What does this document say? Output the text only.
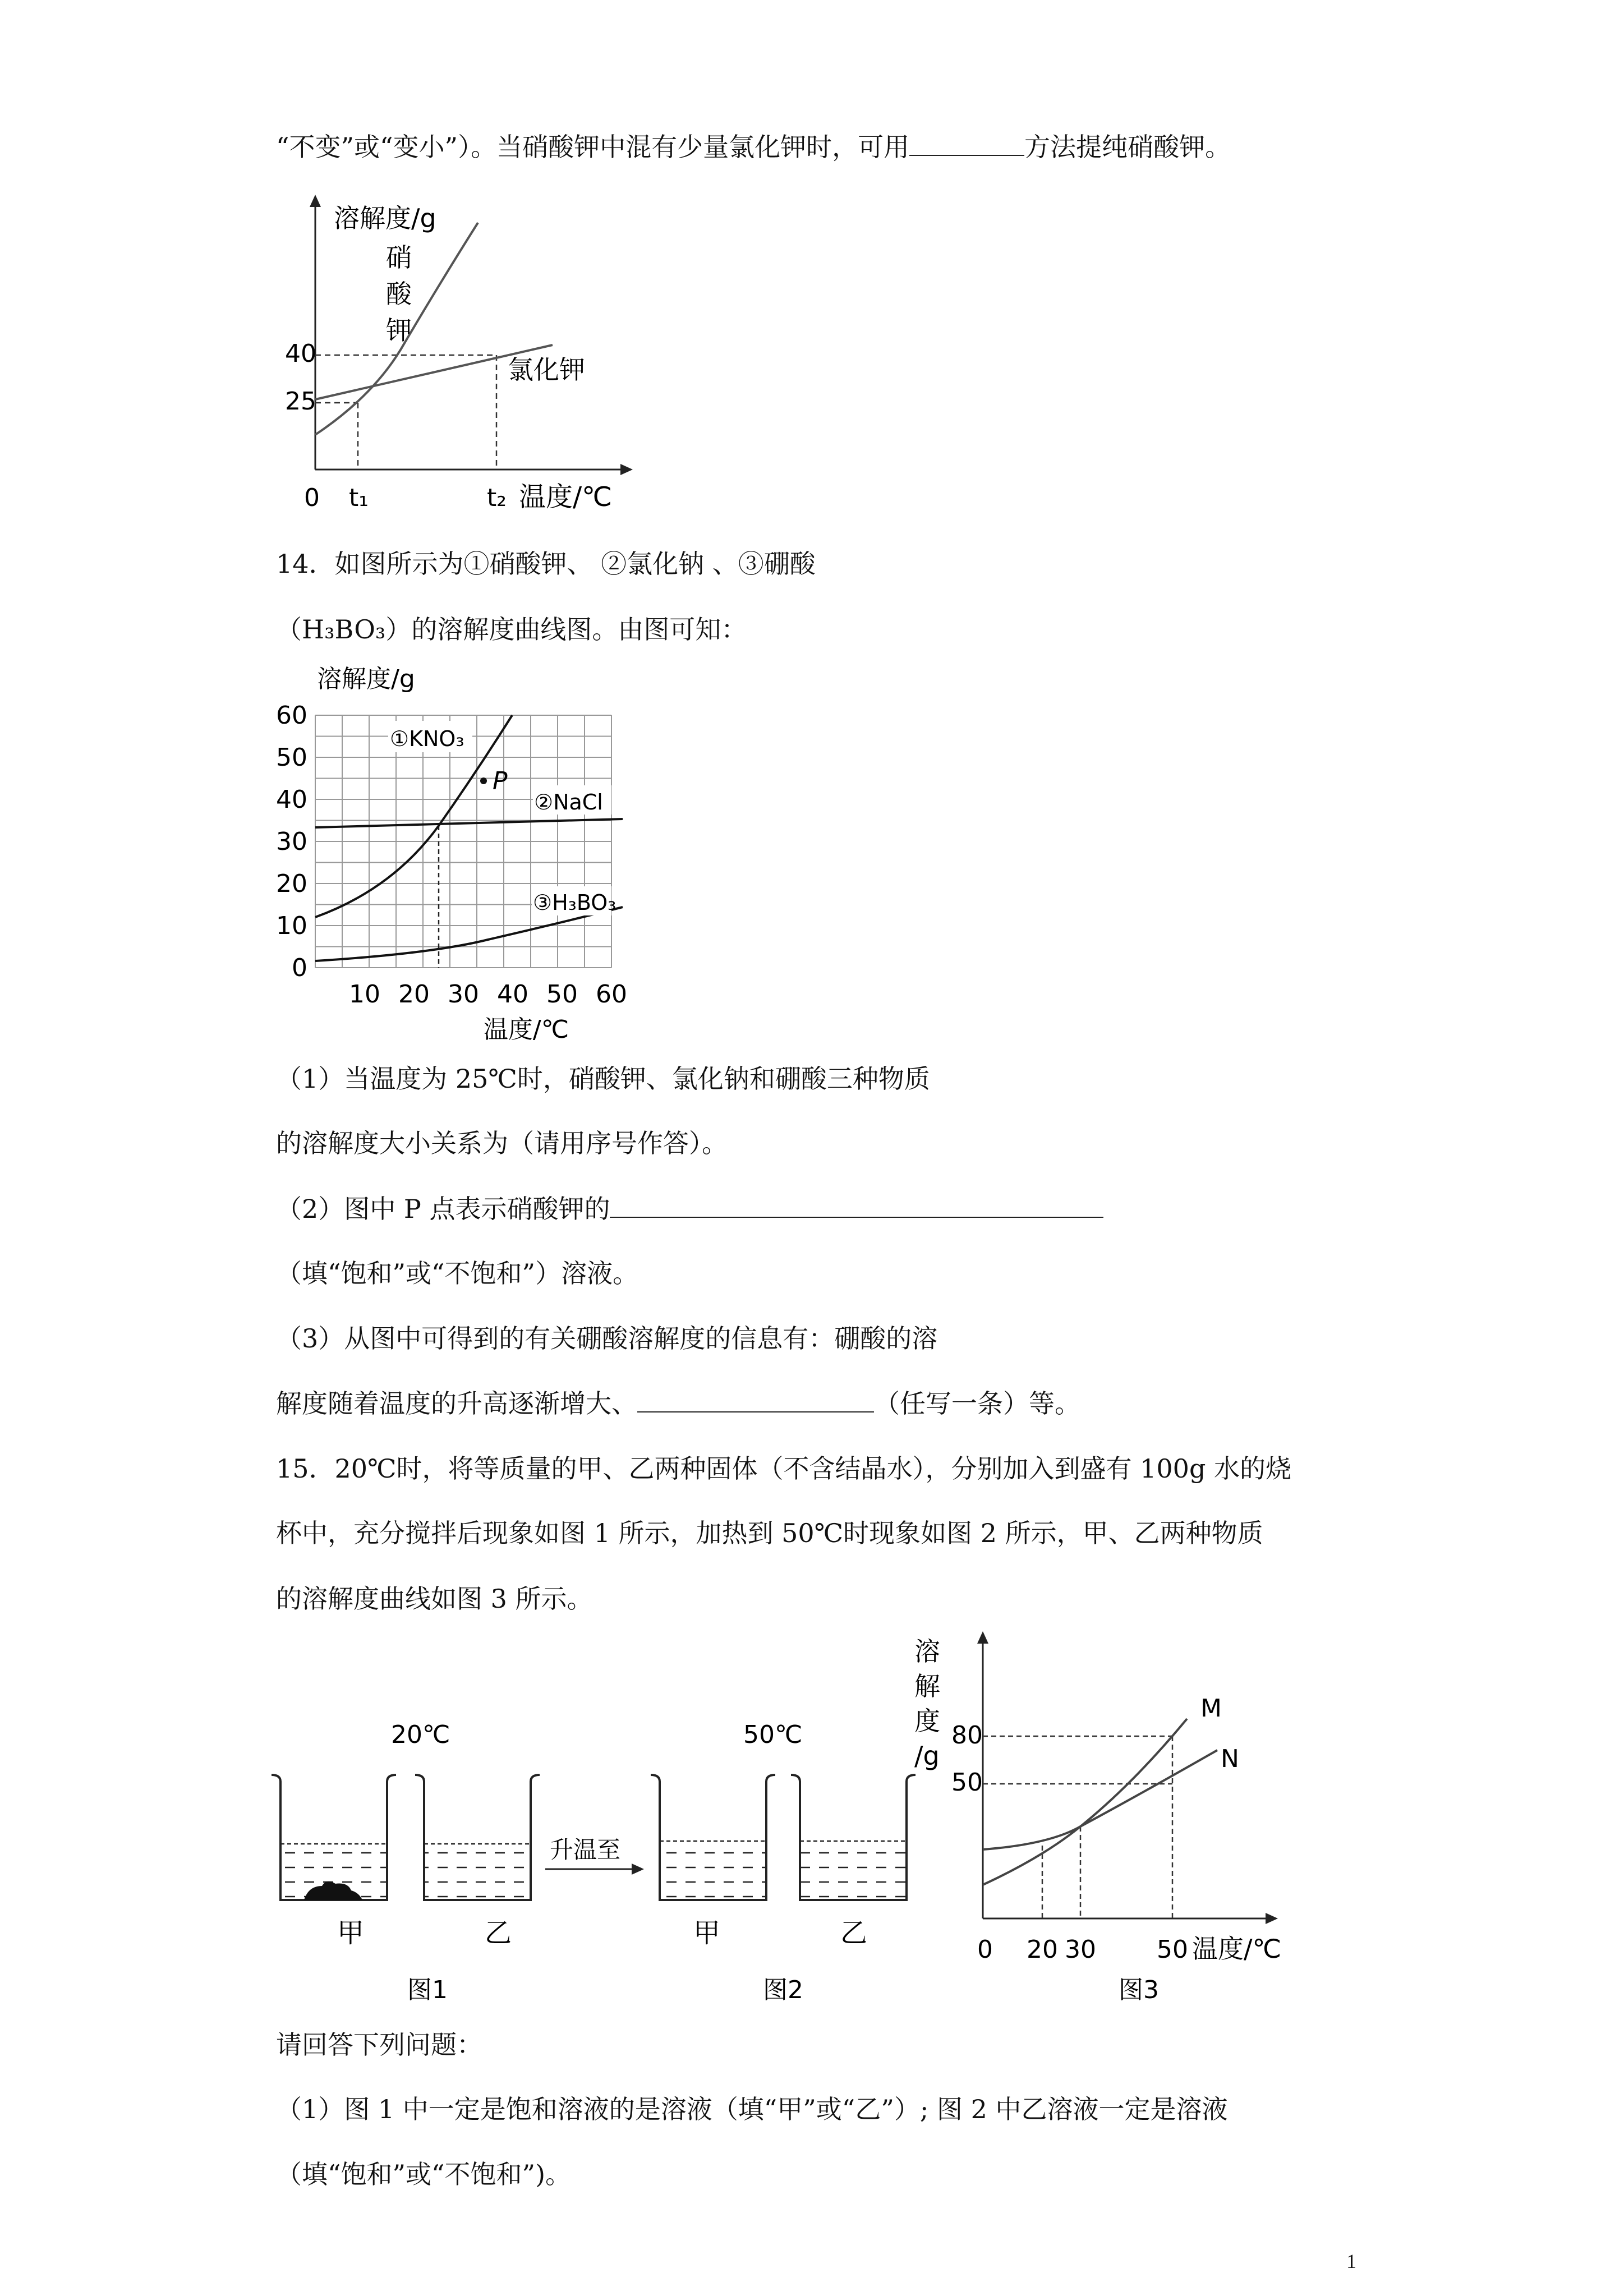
“不变”或“变小”）。当硝酸钾中混有少量氯化钾时，可用	方法提纯硝酸钾。

溶解度/g
0
40
25
t₁	t₂ 温度/℃
硝
酸
钾
氯化钾

14．如图所示为①硝酸钾、 ②氯化钠 、③硼酸

（H₃BO₃）的溶解度曲线图。由图可知：

溶解度/g
60
50
40
30
20
10
0
10 20 30 40 50 60
温度/℃
①KNO₃
P
②NaCl
③H₃BO₃

（1）当温度为 25℃时，硝酸钾、氯化钠和硼酸三种物质

的溶解度大小关系为（请用序号作答）。

（2）图中 P 点表示硝酸钾的

（填“饱和”或“不饱和”）溶液。

（3）从图中可得到的有关硼酸溶解度的信息有：硼酸的溶

解度随着温度的升高逐渐增大、	（任写一条）等。

15．20℃时，将等质量的甲、乙两种固体（不含结晶水），分别加入到盛有 100g 水的烧

杯中，充分搅拌后现象如图 1 所示，加热到 50℃时现象如图 2 所示，甲、乙两种物质

的溶解度曲线如图 3 所示。

20℃	50℃
升温至
甲	乙	甲	乙
图1	图2	图3
溶
解
度
/g
80
50
0 20 30 50 温度/℃
M
N

请回答下列问题：

（1）图 1 中一定是饱和溶液的是溶液（填“甲”或“乙”）; 图 2 中乙溶液一定是溶液

（填“饱和”或“不饱和”)。

1
